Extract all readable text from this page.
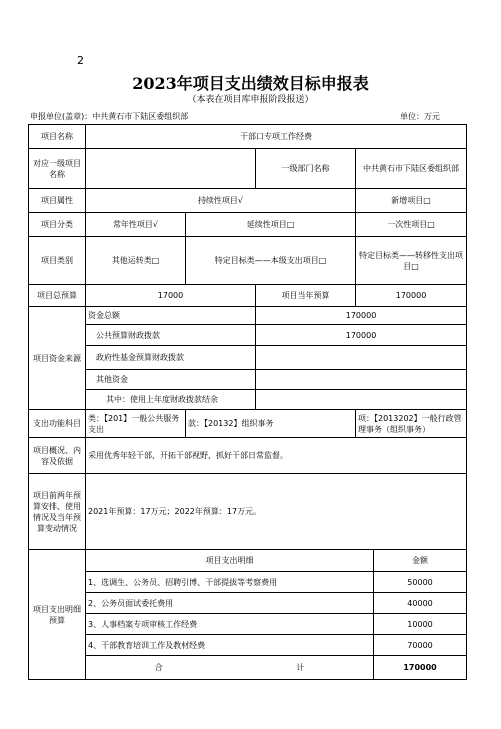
2
2023年项目支出绩效目标申报表
（本表在项目库申报阶段报送）
申报单位(盖章)：中共黄石市下陆区委组织部	单位：万元
项目名称	干部口专项工作经费				
对应一级项目名称			一级部门名称	中共黄石市下陆区委组织部	
项目属性	持续性项目√			新增项目□	
项目分类	常年性项目√	延续性项目□		一次性项目□	
项目类别	其他运转类□	特定目标类——本级支出项目□		特定目标类——转移性支出项目□	
项目总预算	17000		项目当年预算	170000	
项目资金来源	资金总额		170000		
	公共预算财政拨款		170000		
	政府性基金预算财政拨款				
	其他资金				
	其中：使用上年度财政拨款结余				
支出功能科目	类：【201】一般公共服务支出	款：【20132】组织事务		项：【2013202】一般行政管理事务（组织事务）	
项目概况、内容及依据	采用优秀年轻干部，开拓干部视野，抓好干部日常监督。				
项目前两年预算安排、使用情况及当年预算变动情况	2021年预算：17万元；2022年预算：17万元。				
项目支出明细预算	项目支出明细				金额
	1、选调生、公务员、招聘引博、干部提拔等考察费用				50000
	2、公务员面试委托费用				40000
	3、人事档案专项审核工作经费				10000
	4、干部教育培训工作及教材经费				70000
	合 计				170000
